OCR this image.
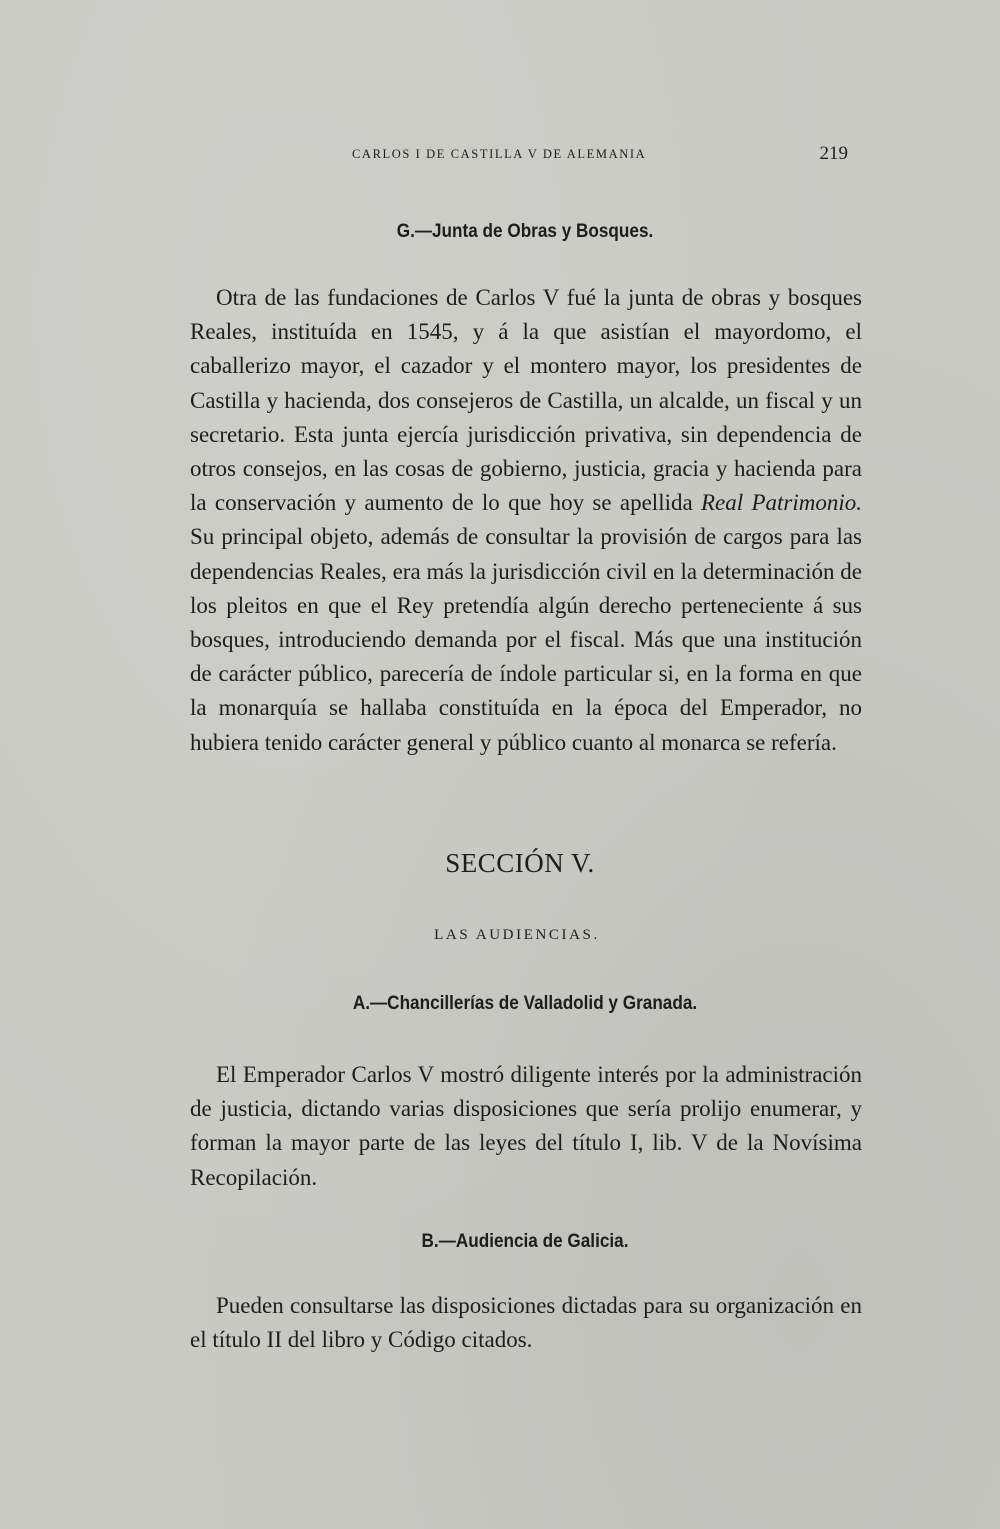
CARLOS I DE CASTILLA V DE ALEMANIA	219
G.—Junta de Obras y Bosques.

Otra de las fundaciones de Carlos V fué la junta de obras y bosques Reales, instituída en 1545, y á la que asistían el mayordomo, el caballerizo mayor, el cazador y el montero mayor, los presidentes de Castilla y hacienda, dos consejeros de Castilla, un alcalde, un fiscal y un secretario. Esta junta ejercía jurisdicción privativa, sin dependencia de otros consejos, en las cosas de gobierno, justicia, gracia y hacienda para la conservación y aumento de lo que hoy se apellida Real Patrimonio. Su principal objeto, además de consultar la provisión de cargos para las dependencias Reales, era más la jurisdicción civil en la determinación de los pleitos en que el Rey pretendía algún derecho perteneciente á sus bosques, introduciendo demanda por el fiscal. Más que una institución de carácter público, parecería de índole particular si, en la forma en que la monarquía se hallaba constituída en la época del Emperador, no hubiera tenido carácter general y público cuanto al monarca se refería.

SECCIÓN V.
LAS AUDIENCIAS.
A.—Chancillerías de Valladolid y Granada.

El Emperador Carlos V mostró diligente interés por la administración de justicia, dictando varias disposiciones que sería prolijo enumerar, y forman la mayor parte de las leyes del título I, lib. V de la Novísima Recopilación.

B.—Audiencia de Galicia.

Pueden consultarse las disposiciones dictadas para su organización en el título II del libro y Código citados.
